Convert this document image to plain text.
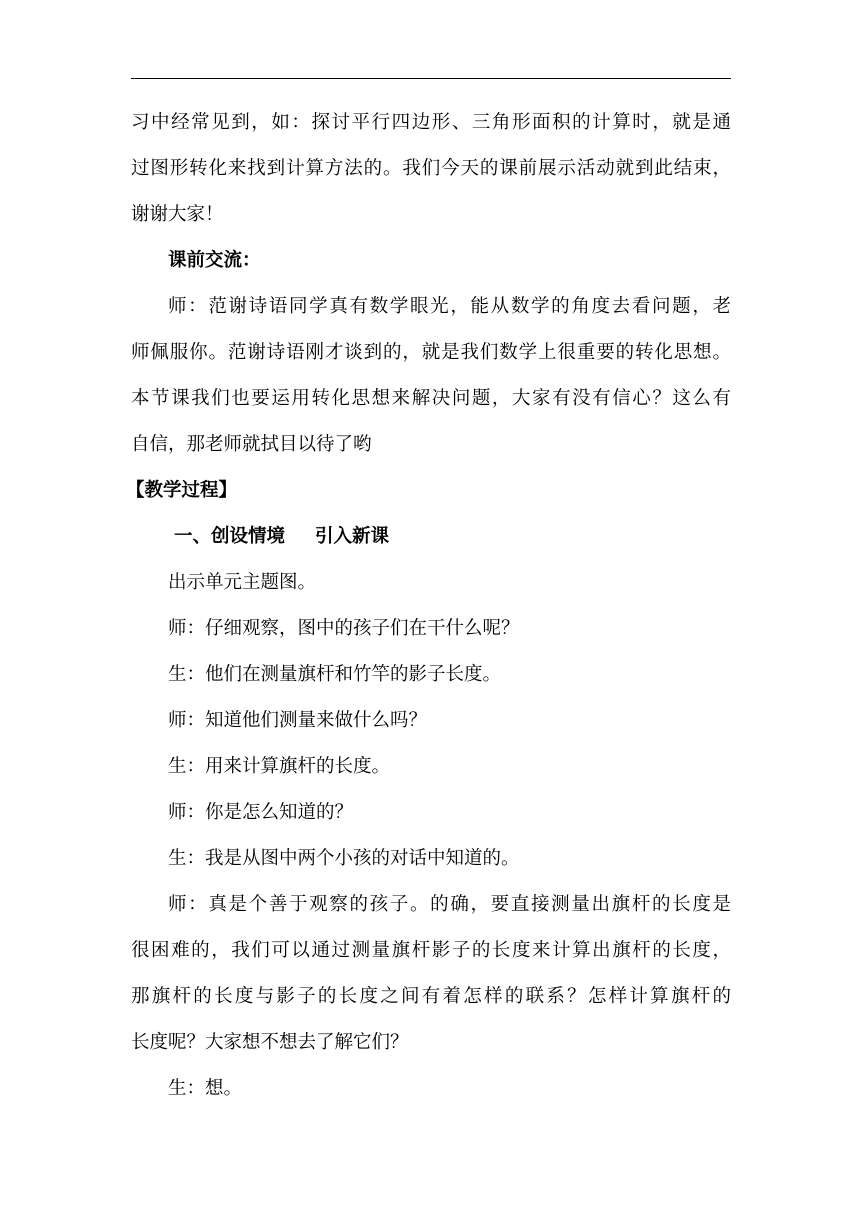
习中经常见到，如：探讨平行四边形、三角形面积的计算时，就是通
过图形转化来找到计算方法的。我们今天的课前展示活动就到此结束，
谢谢大家！
课前交流：
师：范谢诗语同学真有数学眼光，能从数学的角度去看问题，老
师佩服你。范谢诗语刚才谈到的，就是我们数学上很重要的转化思想。
本节课我们也要运用转化思想来解决问题，大家有没有信心？这么有
自信，那老师就拭目以待了哟
【教学过程】
一、创设情境 引入新课
出示单元主题图。
师：仔细观察，图中的孩子们在干什么呢？
生：他们在测量旗杆和竹竿的影子长度。
师：知道他们测量来做什么吗？
生：用来计算旗杆的长度。
师：你是怎么知道的？
生：我是从图中两个小孩的对话中知道的。
师：真是个善于观察的孩子。的确，要直接测量出旗杆的长度是
很困难的，我们可以通过测量旗杆影子的长度来计算出旗杆的长度，
那旗杆的长度与影子的长度之间有着怎样的联系？怎样计算旗杆的
长度呢？大家想不想去了解它们？
生：想。
